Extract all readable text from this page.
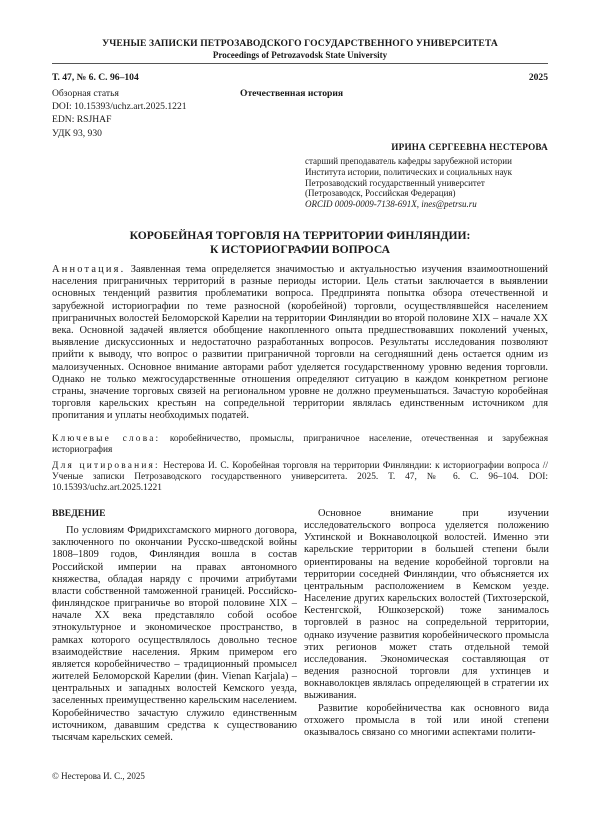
УЧЕНЫЕ ЗАПИСКИ ПЕТРОЗАВОДСКОГО ГОСУДАРСТВЕННОГО УНИВЕРСИТЕТА
Proceedings of Petrozavodsk State University
Т. 47, № 6. С. 96–104	2025
Обзорная статья
DOI: 10.15393/uchz.art.2025.1221
EDN: RSJHAF
УДК 93, 930
Отечественная история
ИРИНА СЕРГЕЕВНА НЕСТЕРОВА
старший преподаватель кафедры зарубежной истории
Института истории, политических и социальных наук
Петрозаводский государственный университет
(Петрозаводск, Российская Федерация)
ORCID 0009-0009-7138-691X, ines@petrsu.ru
КОРОБЕЙНАЯ ТОРГОВЛЯ НА ТЕРРИТОРИИ ФИНЛЯНДИИ:
К ИСТОРИОГРАФИИ ВОПРОСА
Аннотация. Заявленная тема определяется значимостью и актуальностью изучения взаимоотношений населения приграничных территорий в разные периоды истории. Цель статьи заключается в выявлении основных тенденций развития проблематики вопроса. Предпринята попытка обзора отечественной и зарубежной историографии по теме разносной (коробейной) торговли, осуществлявшейся населением приграничных волостей Беломорской Карелии на территории Финляндии во второй половине XIX – начале XX века. Основной задачей является обобщение накопленного опыта предшествовавших поколений ученых, выявление дискуссионных и недостаточно разработанных вопросов. Результаты исследования позволяют прийти к выводу, что вопрос о развитии приграничной торговли на сегодняшний день остается одним из малоизученных. Основное внимание авторами работ уделяется государственному уровню ведения торговли. Однако не только межгосударственные отношения определяют ситуацию в каждом конкретном регионе страны, значение торговых связей на региональном уровне не должно преуменьшаться. Зачастую коробейная торговля карельских крестьян на сопредельной территории являлась единственным источником для пропитания и уплаты необходимых податей.
Ключевые слова: коробейничество, промыслы, приграничное население, отечественная и зарубежная историография
Для цитирования: Нестерова И. С. Коробейная торговля на территории Финляндии: к историографии вопроса // Ученые записки Петрозаводского государственного университета. 2025. Т. 47, № 6. С. 96–104. DOI: 10.15393/uchz.art.2025.1221
ВВЕДЕНИЕ

По условиям Фридрихсгамского мирного договора, заключенного по окончании Русско-шведской войны 1808–1809 годов, Финляндия вошла в состав Российской империи на правах автономного княжества, обладая наряду с прочими атрибутами власти собственной таможенной границей. Российско-финляндское приграничье во второй половине XIX – начале XX века представляло собой особое этнокультурное и экономическое пространство, в рамках которого осуществлялось довольно тесное взаимодействие населения. Ярким примером его является коробейничество – традиционный промысел жителей Беломорской Карелии (фин. Vienan Karjala) – центральных и западных волостей Кемского уезда, заселенных преимущественно карельским населением. Коробейничество зачастую служило единственным источником, дававшим средства к существованию тысячам карельских семей.

Основное внимание при изучении исследовательского вопроса уделяется положению Ухтинской и Вокнаволоцкой волостей. Именно эти карельские территории в большей степени были ориентированы на ведение коробейной торговли на территории соседней Финляндии, что объясняется их центральным расположением в Кемском уезде. Население других карельских волостей (Тихтозерской, Кестенгской, Юшкозерской) тоже занималось торговлей в разнос на сопредельной территории, однако изучение развития коробейнического промысла этих регионов может стать отдельной темой исследования. Экономическая составляющая от ведения разносной торговли для ухтинцев и вокнаволокцев являлась определяющей в стратегии их выживания.

Развитие коробейничества как основного вида отхожего промысла в той или иной степени оказывалось связано со многими аспектами полити-

© Нестерова И. С., 2025
